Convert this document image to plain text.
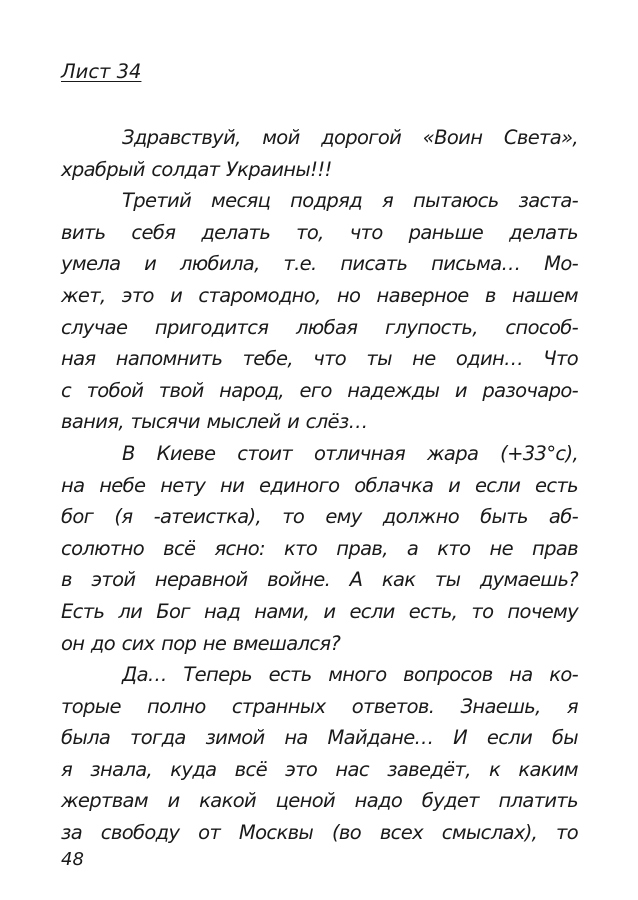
Лист 34
Здравствуй, мой дорогой «Воин Света»,
храбрый солдат Украины!!!
Третий месяц подряд я пытаюсь заста-
вить себя делать то, что раньше делать
умела и любила, т.е. писать письма… Мо-
жет, это и старомодно, но наверное в нашем
случае пригодится любая глупость, способ-
ная напомнить тебе, что ты не один… Что
с тобой твой народ, его надежды и разочаро-
вания, тысячи мыслей и слёз…
В Киеве стоит отличная жара (+33°с),
на небе нету ни единого облачка и если есть
бог (я -атеистка), то ему должно быть аб-
солютно всё ясно: кто прав, а кто не прав
в этой неравной войне. А как ты думаешь?
Есть ли Бог над нами, и если есть, то почему
он до сих пор не вмешался?
Да… Теперь есть много вопросов на ко-
торые полно странных ответов. Знаешь, я
была тогда зимой на Майдане… И если бы
я знала, куда всё это нас заведёт, к каким
жертвам и какой ценой надо будет платить
за свободу от Москвы (во всех смыслах), то

48
